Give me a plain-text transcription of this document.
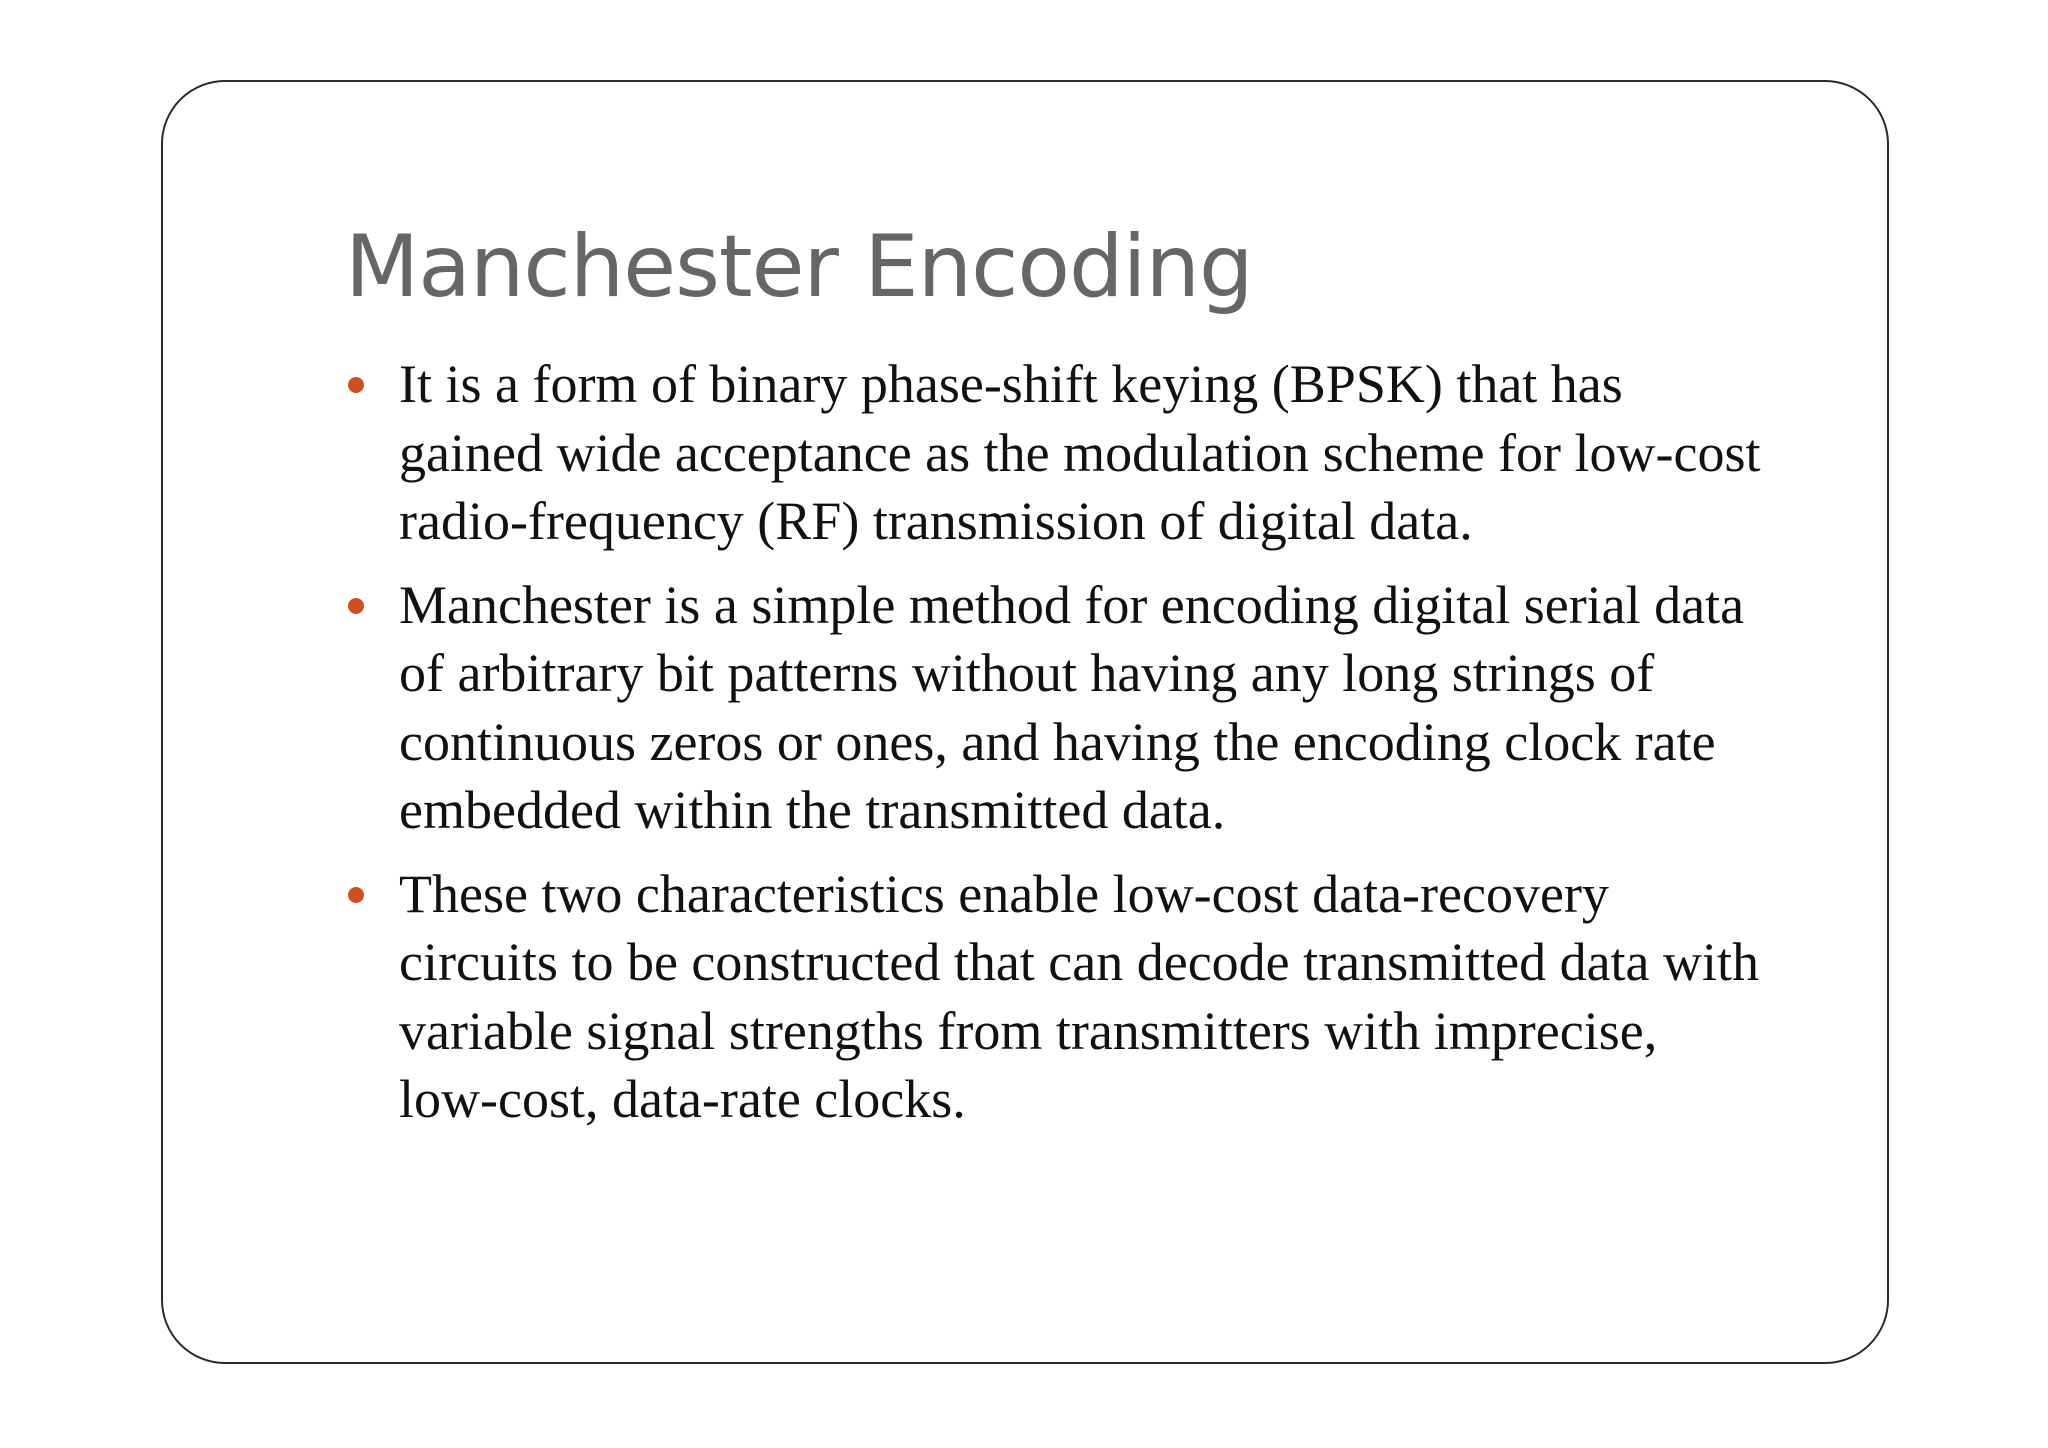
Manchester Encoding
It is a form of binary phase-shift keying (BPSK) that has gained wide acceptance as the modulation scheme for low-cost radio-frequency (RF) transmission of digital data.
Manchester is a simple method for encoding digital serial data of arbitrary bit patterns without having any long strings of continuous zeros or ones, and having the encoding clock rate embedded within the transmitted data.
These two characteristics enable low-cost data-recovery circuits to be constructed that can decode transmitted data with variable signal strengths from transmitters with imprecise, low-cost, data-rate clocks.
